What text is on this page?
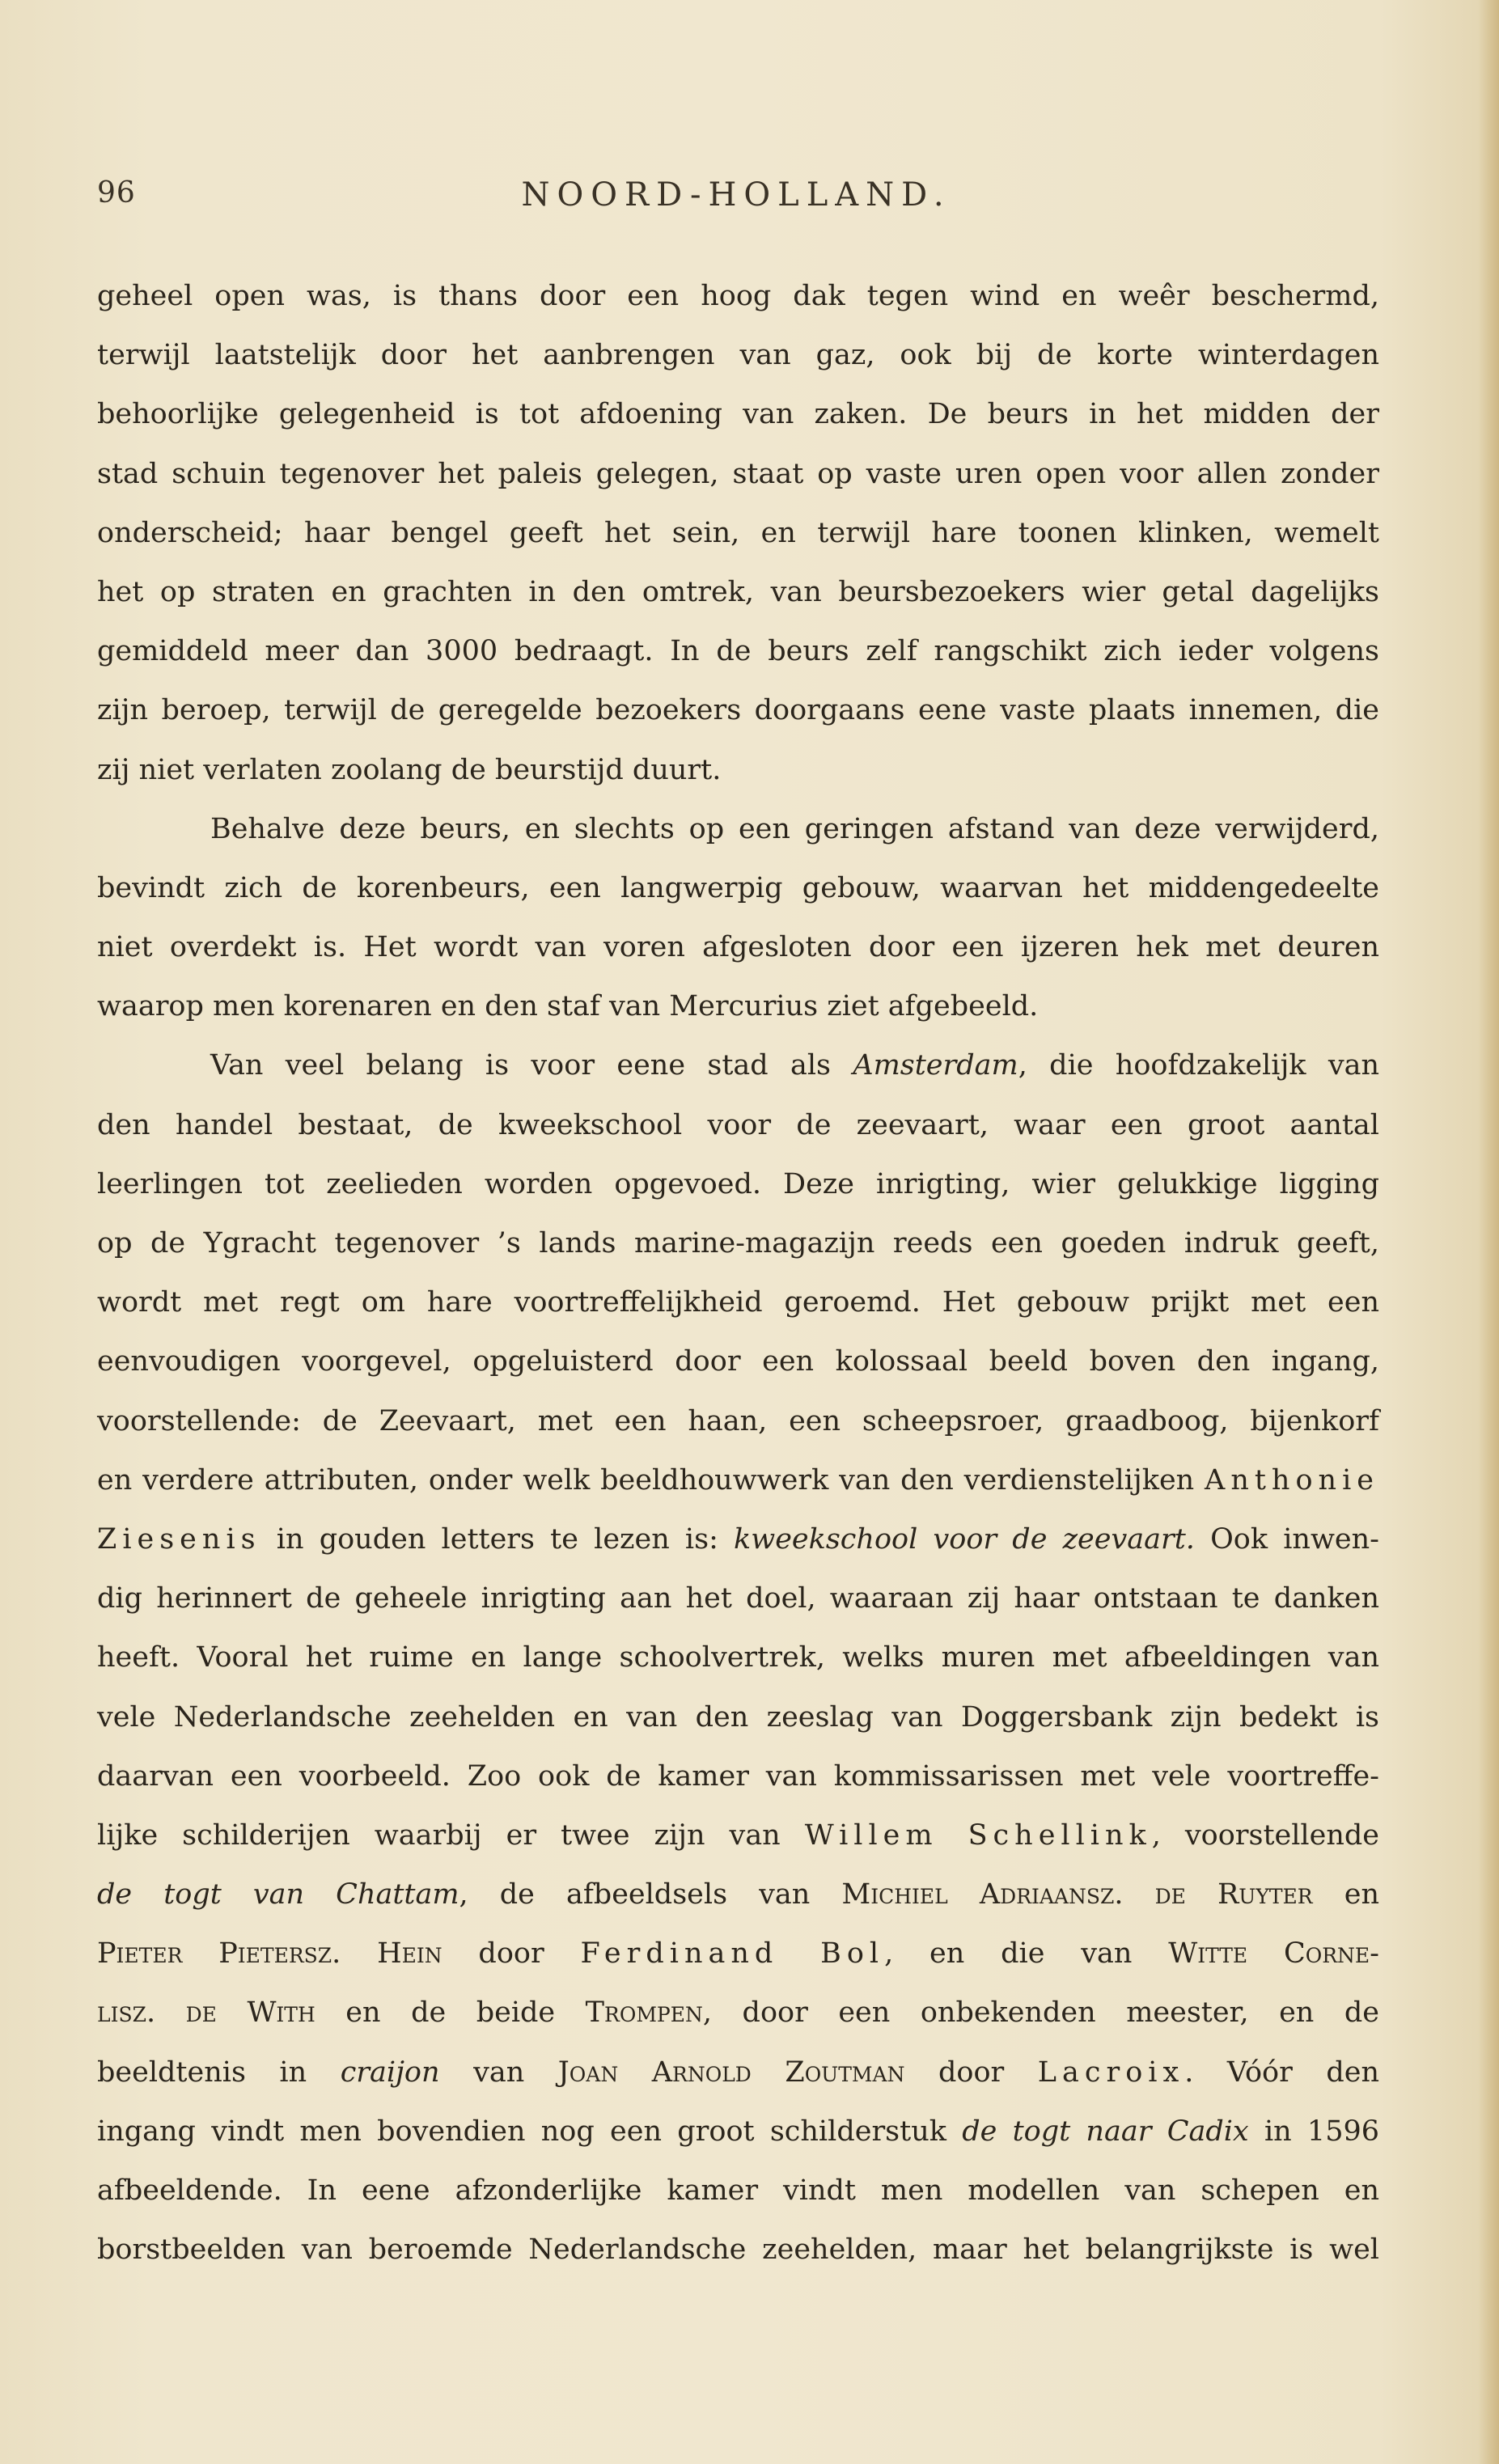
96	NOORD-HOLLAND.
geheel open was, is thans door een hoog dak tegen wind en weêr beschermd,
terwijl laatstelijk door het aanbrengen van gaz, ook bij de korte winterdagen
behoorlijke gelegenheid is tot afdoening van zaken. De beurs in het midden der
stad schuin tegenover het paleis gelegen, staat op vaste uren open voor allen zonder
onderscheid; haar bengel geeft het sein, en terwijl hare toonen klinken, wemelt
het op straten en grachten in den omtrek, van beursbezoekers wier getal dagelijks
gemiddeld meer dan 3000 bedraagt. In de beurs zelf rangschikt zich ieder volgens
zijn beroep, terwijl de geregelde bezoekers doorgaans eene vaste plaats innemen, die
zij niet verlaten zoolang de beurstijd duurt.
Behalve deze beurs, en slechts op een geringen afstand van deze verwijderd,
bevindt zich de korenbeurs, een langwerpig gebouw, waarvan het middengedeelte
niet overdekt is. Het wordt van voren afgesloten door een ijzeren hek met deuren
waarop men korenaren en den staf van Mercurius ziet afgebeeld.
Van veel belang is voor eene stad als Amsterdam, die hoofdzakelijk van
den handel bestaat, de kweekschool voor de zeevaart, waar een groot aantal
leerlingen tot zeelieden worden opgevoed. Deze inrigting, wier gelukkige ligging
op de Ygracht tegenover ’s lands marine-magazijn reeds een goeden indruk geeft,
wordt met regt om hare voortreffelijkheid geroemd. Het gebouw prijkt met een
eenvoudigen voorgevel, opgeluisterd door een kolossaal beeld boven den ingang,
voorstellende: de Zeevaart, met een haan, een scheepsroer, graadboog, bijenkorf
en verdere attributen, onder welk beeldhouwwerk van den verdienstelijken Anthonie
Ziesenis in gouden letters te lezen is: kweekschool voor de zeevaart. Ook inwen-
dig herinnert de geheele inrigting aan het doel, waaraan zij haar ontstaan te danken
heeft. Vooral het ruime en lange schoolvertrek, welks muren met afbeeldingen van
vele Nederlandsche zeehelden en van den zeeslag van Doggersbank zijn bedekt is
daarvan een voorbeeld. Zoo ook de kamer van kommissarissen met vele voortreffe-
lijke schilderijen waarbij er twee zijn van Willem Schellink, voorstellende
de togt van Chattam, de afbeeldsels van Michiel Adriaansz. de Ruyter en
Pieter Pietersz. Hein door Ferdinand Bol, en die van Witte Corne-
lisz. de With en de beide Trompen, door een onbekenden meester, en de
beeldtenis in craijon van Joan Arnold Zoutman door Lacroix. Vóór den
ingang vindt men bovendien nog een groot schilderstuk de togt naar Cadix in 1596
afbeeldende. In eene afzonderlijke kamer vindt men modellen van schepen en
borstbeelden van beroemde Nederlandsche zeehelden, maar het belangrijkste is wel
